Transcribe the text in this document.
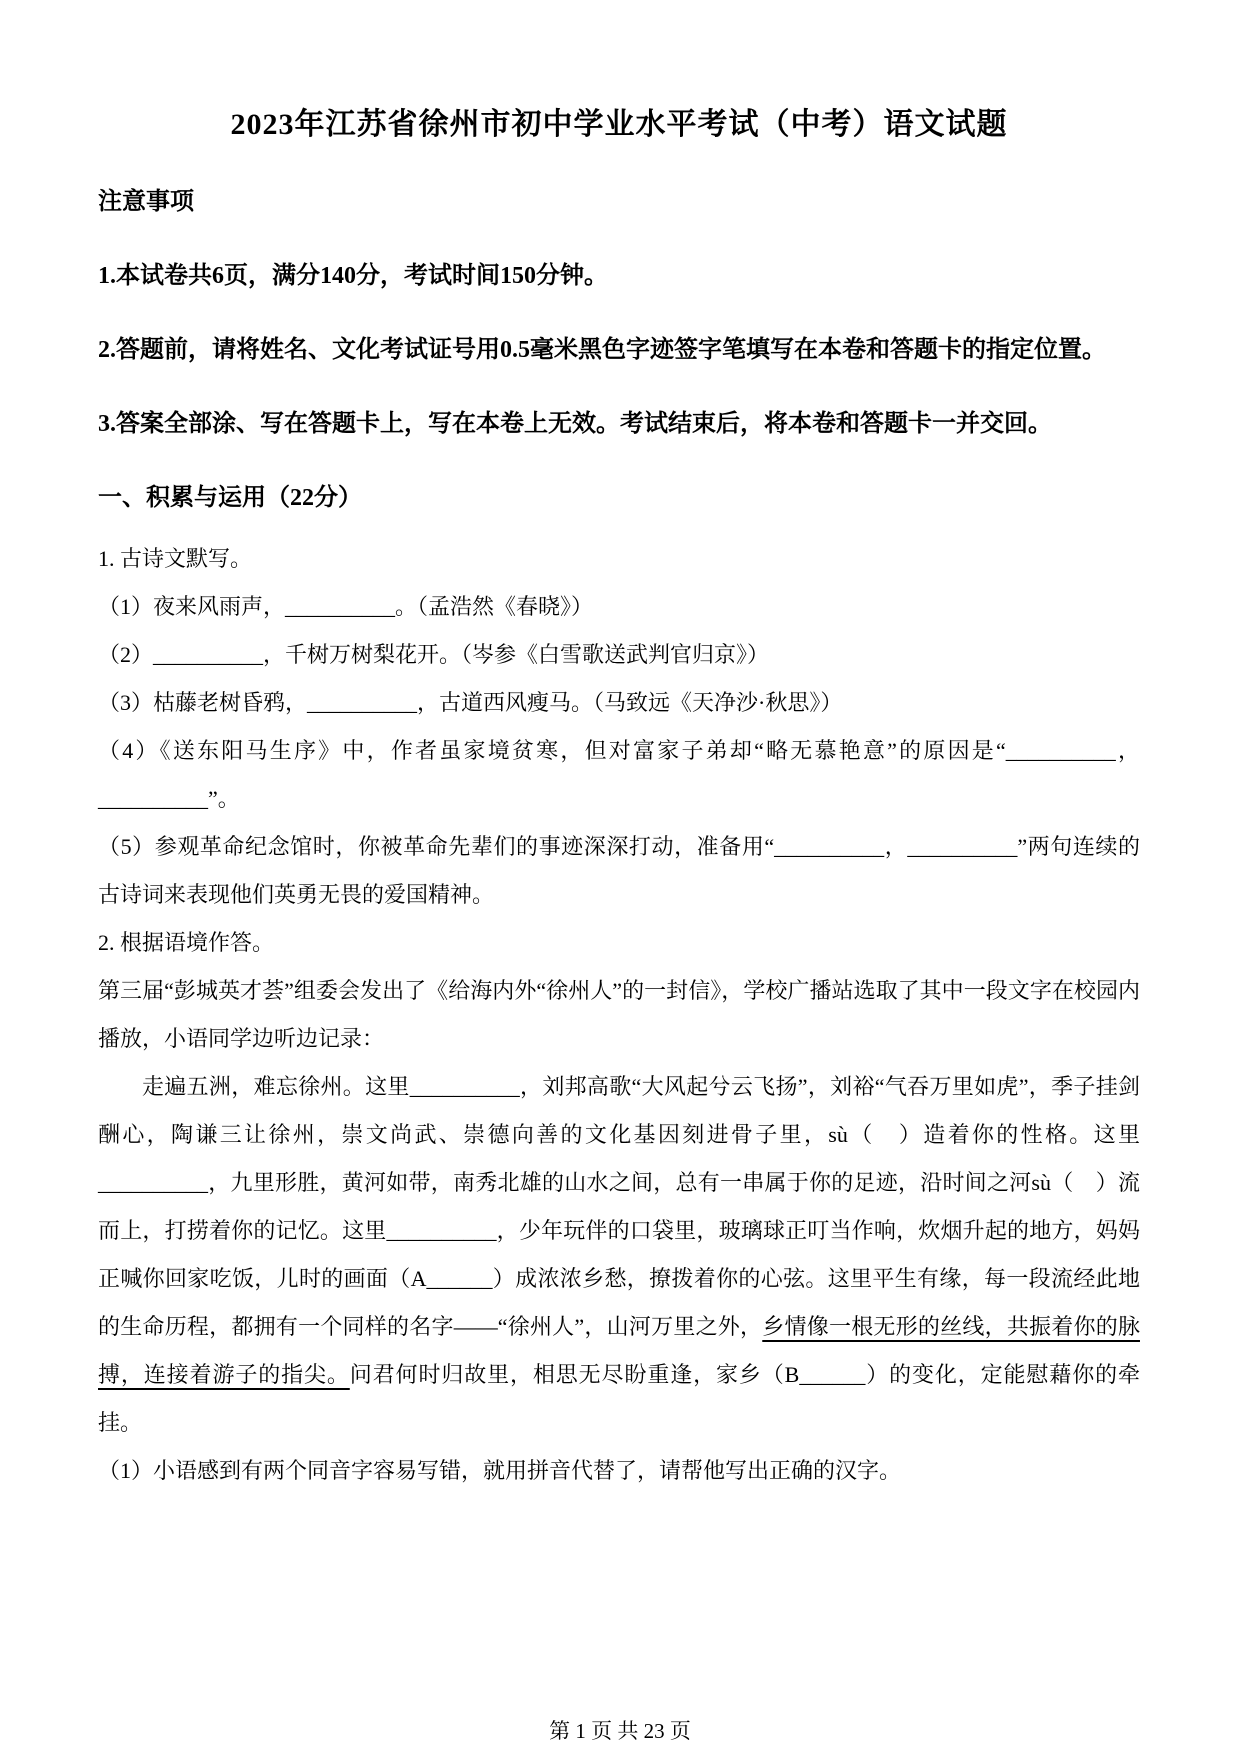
2023年江苏省徐州市初中学业水平考试（中考）语文试题

注意事项

1.本试卷共6页，满分140分，考试时间150分钟。

2.答题前，请将姓名、文化考试证号用0.5毫米黑色字迹签字笔填写在本卷和答题卡的指定位置。

3.答案全部涂、写在答题卡上，写在本卷上无效。考试结束后，将本卷和答题卡一并交回。

一、积累与运用（22分）

1. 古诗文默写。

（1）夜来风雨声，__________。（孟浩然《春晓》）

（2）__________，千树万树梨花开。（岑参《白雪歌送武判官归京》）

（3）枯藤老树昏鸦，__________，古道西风瘦马。（马致远《天净沙·秋思》）

（4）《送东阳马生序》中，作者虽家境贫寒，但对富家子弟却“略无慕艳意”的原因是“__________，__________”。

（5）参观革命纪念馆时，你被革命先辈们的事迹深深打动，准备用“__________，__________”两句连续的古诗词来表现他们英勇无畏的爱国精神。

2. 根据语境作答。

第三届“彭城英才荟”组委会发出了《给海内外“徐州人”的一封信》，学校广播站选取了其中一段文字在校园内播放，小语同学边听边记录：

走遍五洲，难忘徐州。这里__________，刘邦高歌“大风起兮云飞扬”，刘裕“气吞万里如虎”，季子挂剑酬心，陶谦三让徐州，崇文尚武、崇德向善的文化基因刻进骨子里，sù（　）造着你的性格。这里__________，九里形胜，黄河如带，南秀北雄的山水之间，总有一串属于你的足迹，沿时间之河sù（　）流而上，打捞着你的记忆。这里__________，少年玩伴的口袋里，玻璃球正叮当作响，炊烟升起的地方，妈妈正喊你回家吃饭，儿时的画面（A______）成浓浓乡愁，撩拨着你的心弦。这里平生有缘，每一段流经此地的生命历程，都拥有一个同样的名字——“徐州人”，山河万里之外，乡情像一根无形的丝线，共振着你的脉搏，连接着游子的指尖。问君何时归故里，相思无尽盼重逢，家乡（B______）的变化，定能慰藉你的牵挂。

（1）小语感到有两个同音字容易写错，就用拼音代替了，请帮他写出正确的汉字。

第 1 页 共 23 页
